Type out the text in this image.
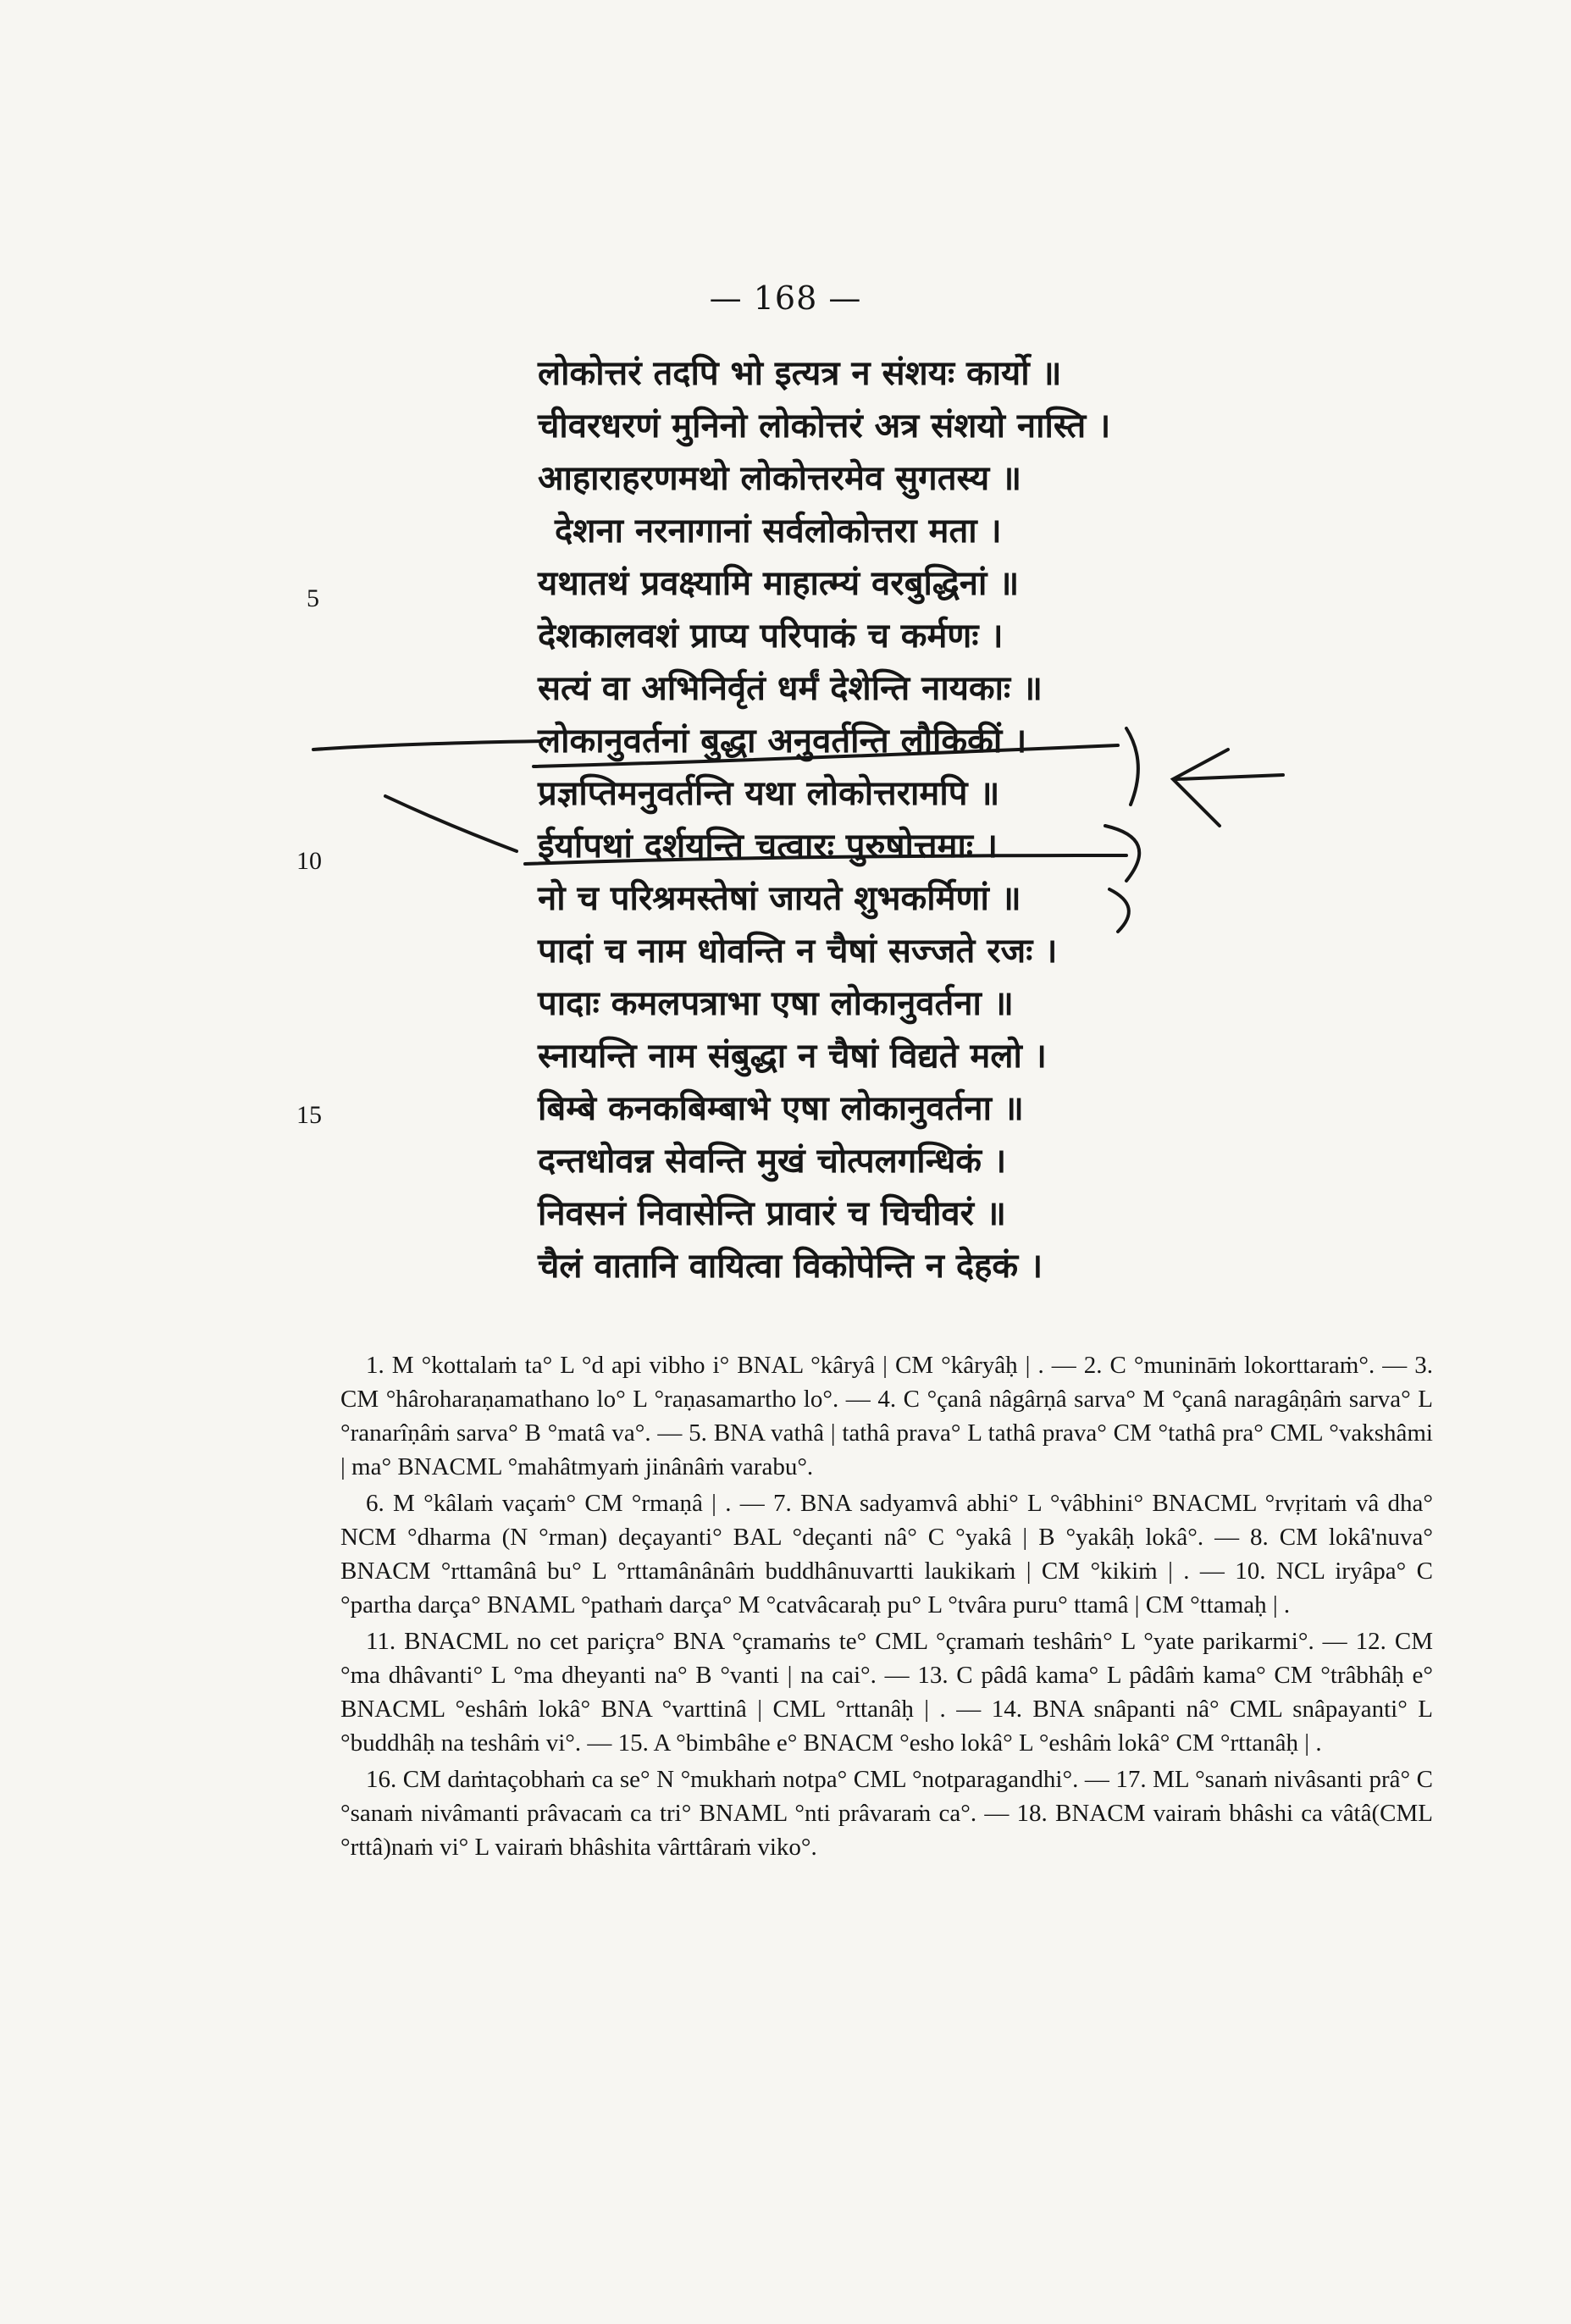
— 168 —
लोकोत्तरं तदपि भो इत्यत्र न संशयः कार्यो ॥
चीवरधरणं मुनिनो लोकोत्तरं अत्र संशयो नास्ति ।
आहाराहरणमथो लोकोत्तरमेव सुगतस्य ॥
देशना नरनागानां सर्वलोकोत्तरा मता ।
यथातथं प्रवक्ष्यामि माहात्म्यं वरबुद्धिनां ॥
देशकालवशं प्राप्य परिपाकं च कर्मणः ।
सत्यं वा अभिनिर्वृतं धर्मं देशेन्ति नायकाः ॥
लोकानुवर्तनां बुद्धा अनुवर्तन्ति लौकिकीं ।
प्रज्ञप्तिमनुवर्तन्ति यथा लोकोत्तरामपि ॥
ईर्यापथां दर्शयन्ति चत्वारः पुरुषोत्तमाः ।
नो च परिश्रमस्तेषां जायते शुभकर्मिणां ॥
पादां च नाम धोवन्ति न चैषां सज्जते रजः ।
पादाः कमलपत्राभा एषा लोकानुवर्तना ॥
स्नायन्ति नाम संबुद्धा न चैषां विद्यते मलो ।
बिम्बे कनकबिम्बाभे एषा लोकानुवर्तना ॥
दन्तधोवन्न सेवन्ति मुखं चोत्पलगन्धिकं ।
निवसनं निवासेन्ति प्रावारं च चिचीवरं ॥
चैलं वातानि वायित्वा विकोपेन्ति न देहकं ।
5
10
15

1. M °kottalaṁ ta° L °d api vibho i° BNAL °kâryâ | CM °kâryâḥ | . — 2. C °munināṁ lokorttaraṁ°. — 3. CM °hâroharaṇamathano lo° L °raṇasamartho lo°. — 4. C °çanâ nâgârṇâ sarva° M °çanâ naragâṇâṁ sarva° L °ranarîṇâṁ sarva° B °matâ va°. — 5. BNA vathâ | tathâ prava° L tathâ prava° CM °tathâ pra° CML °vakshâmi | ma° BNACML °mahâtmyaṁ jinânâṁ varabu°.

6. M °kâlaṁ vaçaṁ° CM °rmaṇâ | . — 7. BNA sadyamvâ abhi° L °vâbhini° BNACML °rvṛitaṁ vâ dha° NCM °dharma (N °rman) deçayanti° BAL °deçanti nâ° C °yakâ | B °yakâḥ lokâ°. — 8. CM lokâ'nuva° BNACM °rttamânâ bu° L °rttamânânâṁ buddhânuvartti laukikaṁ | CM °kikiṁ | . — 10. NCL iryâpa° C °partha darça° BNAML °pathaṁ darça° M °catvâcaraḥ pu° L °tvâra puru° ttamâ | CM °ttamaḥ | .

11. BNACML no cet pariçra° BNA °çramaṁs te° CML °çramaṁ teshâṁ° L °yate parikarmi°. — 12. CM °ma dhâvanti° L °ma dheyanti na° B °vanti | na cai°. — 13. C pâdâ kama° L pâdâṁ kama° CM °trâbhâḥ e° BNACML °eshâṁ lokâ° BNA °varttinâ | CML °rttanâḥ | . — 14. BNA snâpanti nâ° CML snâpayanti° L °buddhâḥ na teshâṁ vi°. — 15. A °bimbâhe e° BNACM °esho lokâ° L °eshâṁ lokâ° CM °rttanâḥ | .

16. CM daṁtaçobhaṁ ca se° N °mukhaṁ notpa° CML °notparagandhi°. — 17. ML °sanaṁ nivâsanti prâ° C °sanaṁ nivâmanti prâvacaṁ ca tri° BNAML °nti prâvaraṁ ca°. — 18. BNACM vairaṁ bhâshi ca vâtâ(CML °rttâ)naṁ vi° L vairaṁ bhâshita vârttâraṁ viko°.
